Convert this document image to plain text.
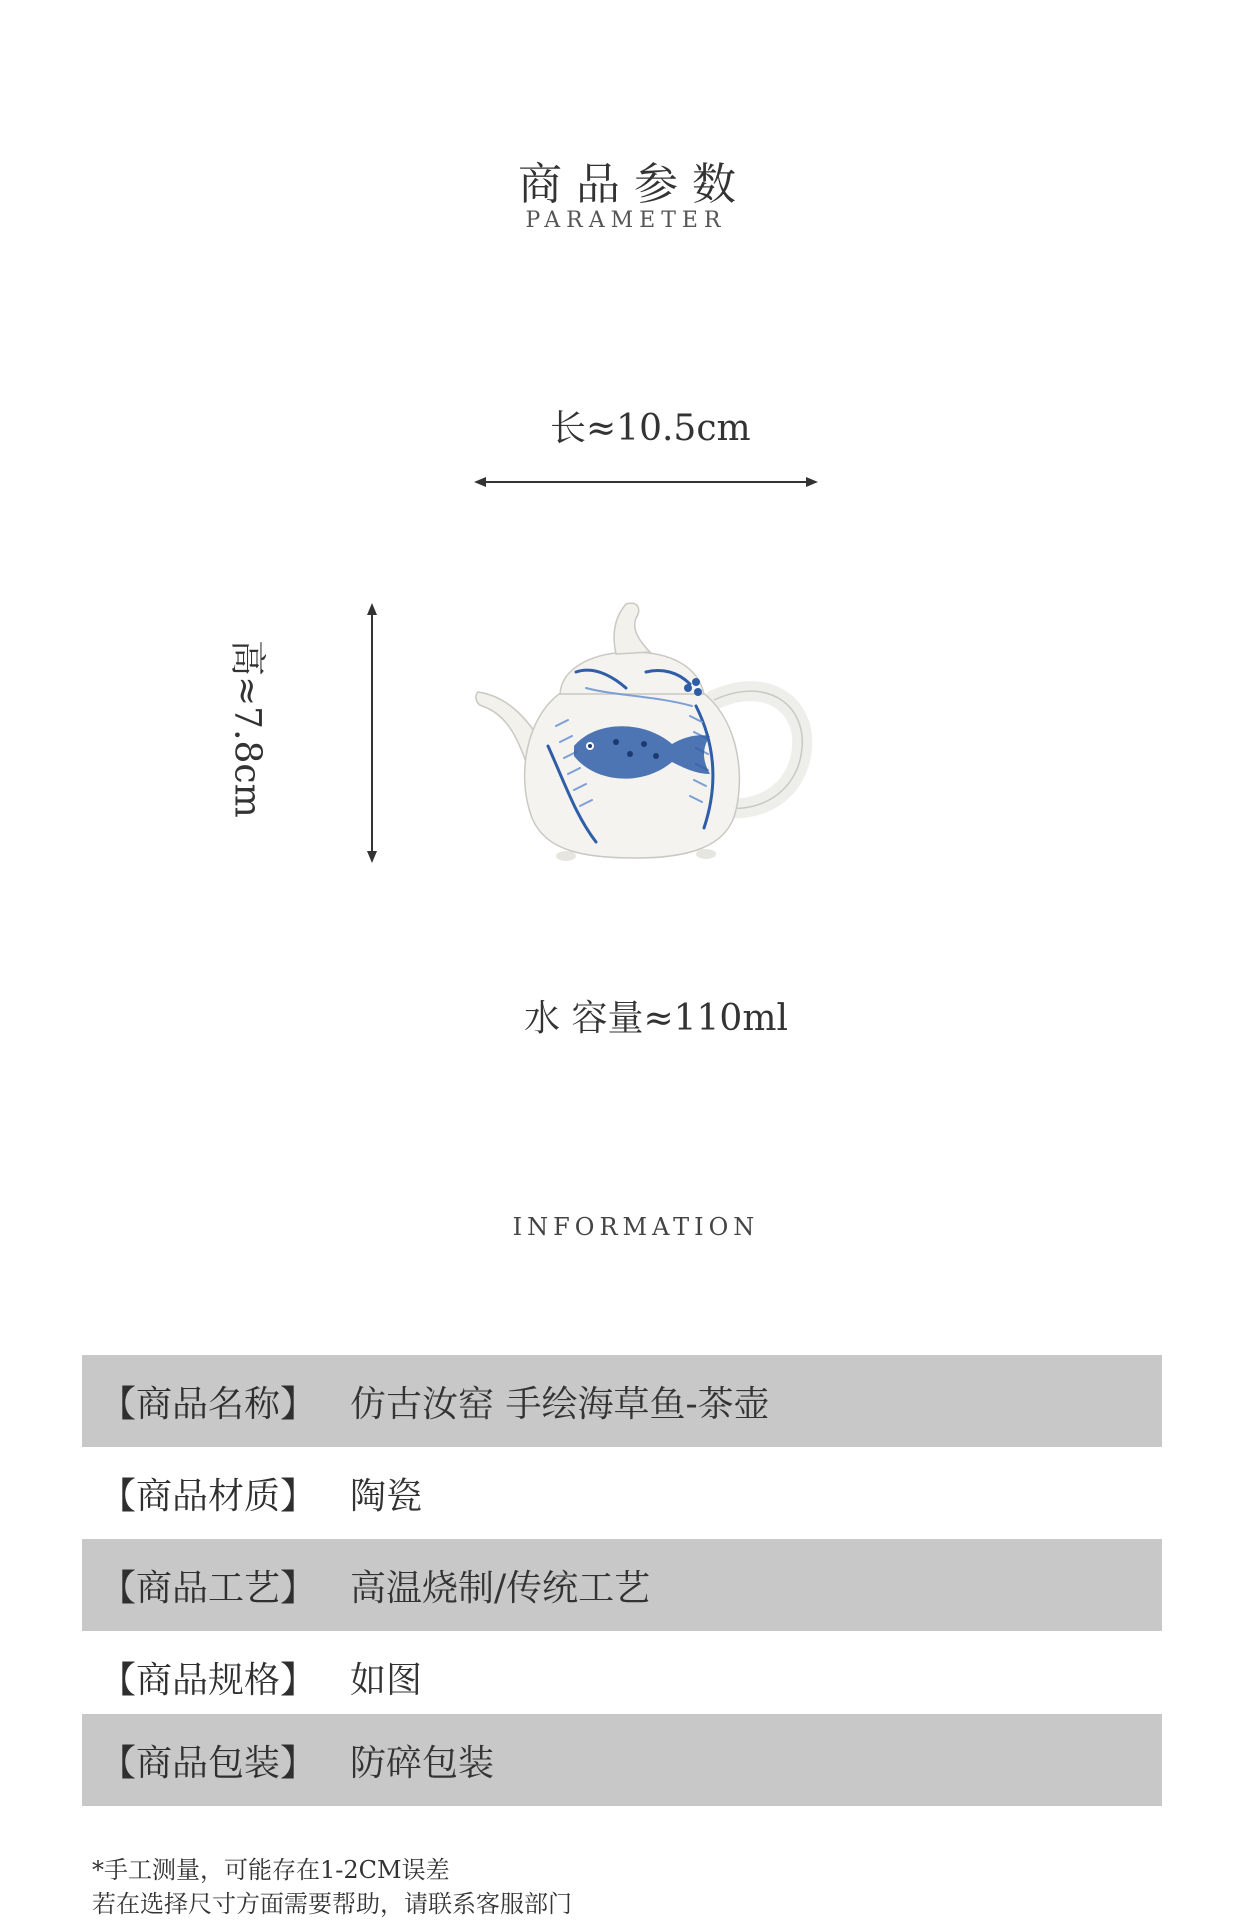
商品参数
PARAMETER
长≈10.5cm
高≈7.8cm
水 容量≈110ml
INFORMATION
【商品名称】 仿古汝窑 手绘海草鱼-茶壶
【商品材质】 陶瓷
【商品工艺】 高温烧制/传统工艺
【商品规格】 如图
【商品包装】 防碎包装
*手工测量，可能存在1-2CM误差
若在选择尺寸方面需要帮助，请联系客服部门
